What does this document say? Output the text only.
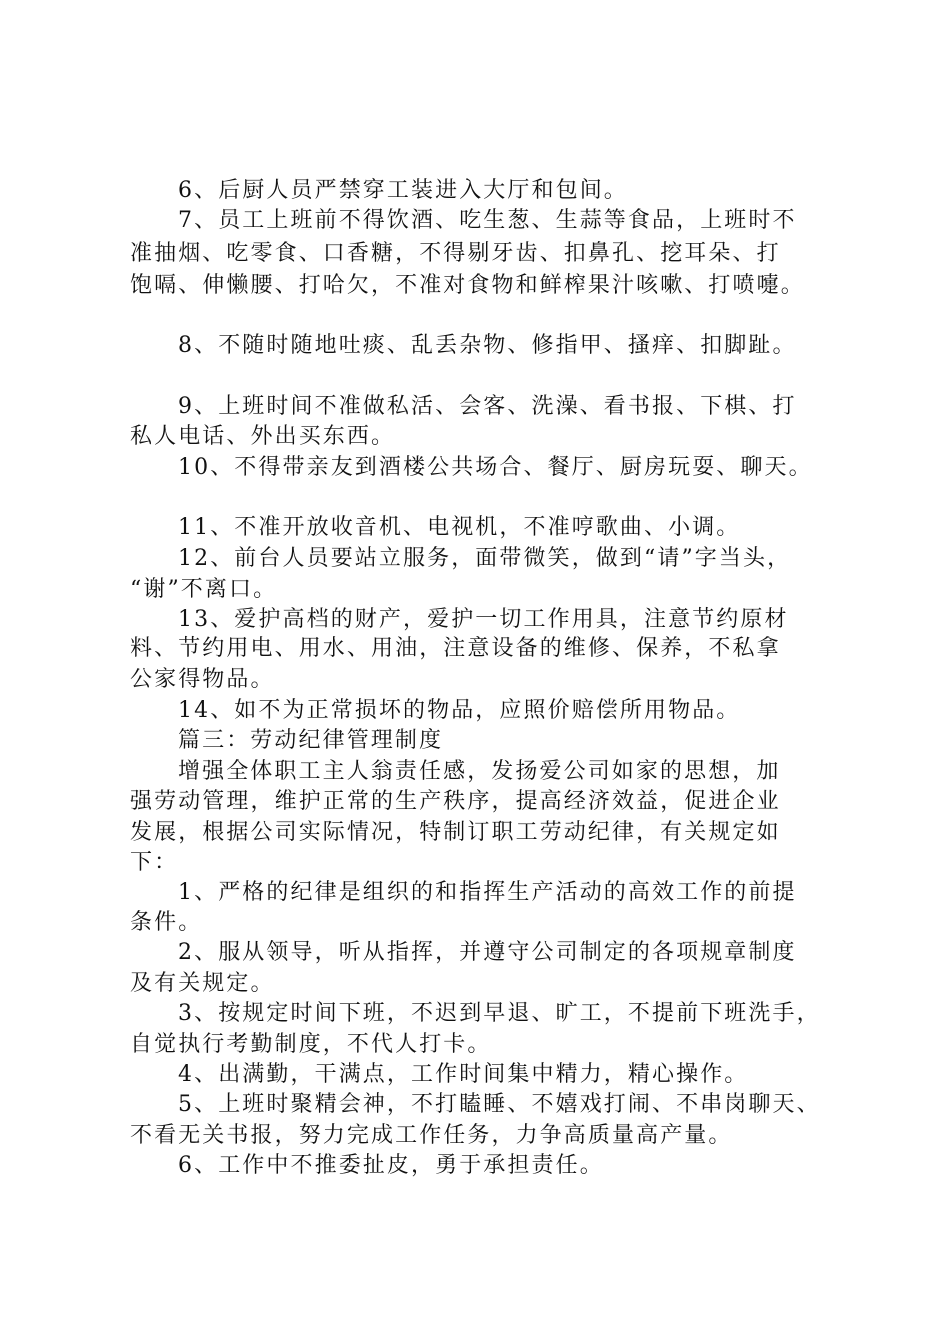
6、后厨人员严禁穿工装进入大厅和包间。
7、员工上班前不得饮酒、吃生葱、生蒜等食品，上班时不
准抽烟、吃零食、口香糖，不得剔牙齿、扣鼻孔、挖耳朵、打
饱嗝、伸懒腰、打哈欠，不准对食物和鲜榨果汁咳嗽、打喷嚏。
8、不随时随地吐痰、乱丢杂物、修指甲、搔痒、扣脚趾。
9、上班时间不准做私活、会客、洗澡、看书报、下棋、打
私人电话、外出买东西。
10、不得带亲友到酒楼公共场合、餐厅、厨房玩耍、聊天。
11、不准开放收音机、电视机，不准哼歌曲、小调。
12、前台人员要站立服务，面带微笑，做到“请”字当头，
“谢”不离口。
13、爱护高档的财产，爱护一切工作用具，注意节约原材
料、节约用电、用水、用油，注意设备的维修、保养，不私拿
公家得物品。
14、如不为正常损坏的物品，应照价赔偿所用物品。
篇三：劳动纪律管理制度
增强全体职工主人翁责任感，发扬爱公司如家的思想，加
强劳动管理，维护正常的生产秩序，提高经济效益，促进企业
发展，根据公司实际情况，特制订职工劳动纪律，有关规定如
下：
1、严格的纪律是组织的和指挥生产活动的高效工作的前提
条件。
2、服从领导，听从指挥，并遵守公司制定的各项规章制度
及有关规定。
3、按规定时间下班，不迟到早退、旷工，不提前下班洗手，
自觉执行考勤制度，不代人打卡。
4、出满勤，干满点，工作时间集中精力，精心操作。
5、上班时聚精会神，不打瞌睡、不嬉戏打闹、不串岗聊天、
不看无关书报，努力完成工作任务，力争高质量高产量。
6、工作中不推委扯皮，勇于承担责任。
